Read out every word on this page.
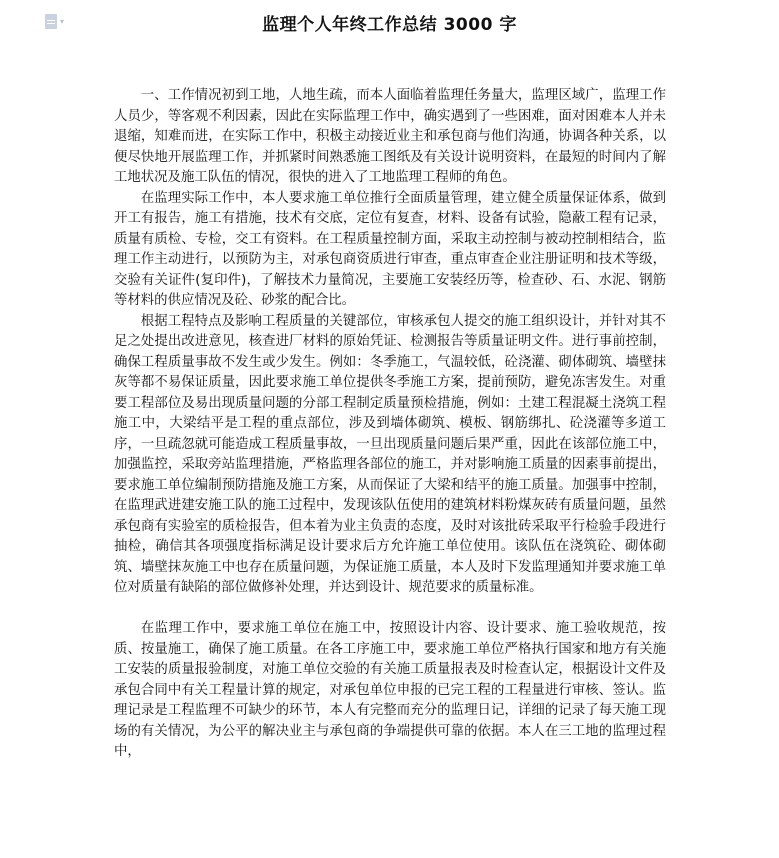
▾	监理个人年终工作总结 3000 字

一、工作情况初到工地，人地生疏，而本人面临着监理任务量大，监理区域广，监理工作人员少，等客观不利因素，因此在实际监理工作中，确实遇到了一些困难，面对困难本人并未退缩，知难而进，在实际工作中，积极主动接近业主和承包商与他们沟通，协调各种关系，以便尽快地开展监理工作，并抓紧时间熟悉施工图纸及有关设计说明资料，在最短的时间内了解工地状况及施工队伍的情况，很快的进入了工地监理工程师的角色。

在监理实际工作中，本人要求施工单位推行全面质量管理，建立健全质量保证体系，做到开工有报告，施工有措施，技术有交底，定位有复查，材料、设备有试验，隐蔽工程有记录，质量有质检、专检，交工有资料。在工程质量控制方面，采取主动控制与被动控制相结合，监理工作主动进行，以预防为主，对承包商资质进行审查，重点审查企业注册证明和技术等级，交验有关证件(复印件)，了解技术力量简况，主要施工安装经历等，检查砂、石、水泥、钢筋等材料的供应情况及砼、砂浆的配合比。

根据工程特点及影响工程质量的关键部位，审核承包人提交的施工组织设计，并针对其不足之处提出改进意见，核查进厂材料的原始凭证、检测报告等质量证明文件。进行事前控制，确保工程质量事故不发生或少发生。例如：冬季施工，气温较低，砼浇灌、砌体砌筑、墙壁抹灰等都不易保证质量，因此要求施工单位提供冬季施工方案，提前预防，避免冻害发生。对重要工程部位及易出现质量问题的分部工程制定质量预检措施，例如：土建工程混凝土浇筑工程施工中，大梁结平是工程的重点部位，涉及到墙体砌筑、模板、钢筋绑扎、砼浇灌等多道工序，一旦疏忽就可能造成工程质量事故，一旦出现质量问题后果严重，因此在该部位施工中，加强监控，采取旁站监理措施，严格监理各部位的施工，并对影响施工质量的因素事前提出，要求施工单位编制预防措施及施工方案，从而保证了大梁和结平的施工质量。加强事中控制，在监理武进建安施工队的施工过程中，发现该队伍使用的建筑材料粉煤灰砖有质量问题，虽然承包商有实验室的质检报告，但本着为业主负责的态度，及时对该批砖采取平行检验手段进行抽检，确信其各项强度指标满足设计要求后方允许施工单位使用。该队伍在浇筑砼、砌体砌筑、墙壁抹灰施工中也存在质量问题，为保证施工质量，本人及时下发监理通知并要求施工单位对质量有缺陷的部位做修补处理，并达到设计、规范要求的质量标准。

在监理工作中，要求施工单位在施工中，按照设计内容、设计要求、施工验收规范，按质、按量施工，确保了施工质量。在各工序施工中，要求施工单位严格执行国家和地方有关施工安装的质量报验制度，对施工单位交验的有关施工质量报表及时检查认定，根据设计文件及承包合同中有关工程量计算的规定，对承包单位申报的已完工程的工程量进行审核、签认。监理记录是工程监理不可缺少的环节，本人有完整而充分的监理日记，详细的记录了每天施工现场的有关情况，为公平的解决业主与承包商的争端提供可靠的依据。本人在三工地的监理过程中，
